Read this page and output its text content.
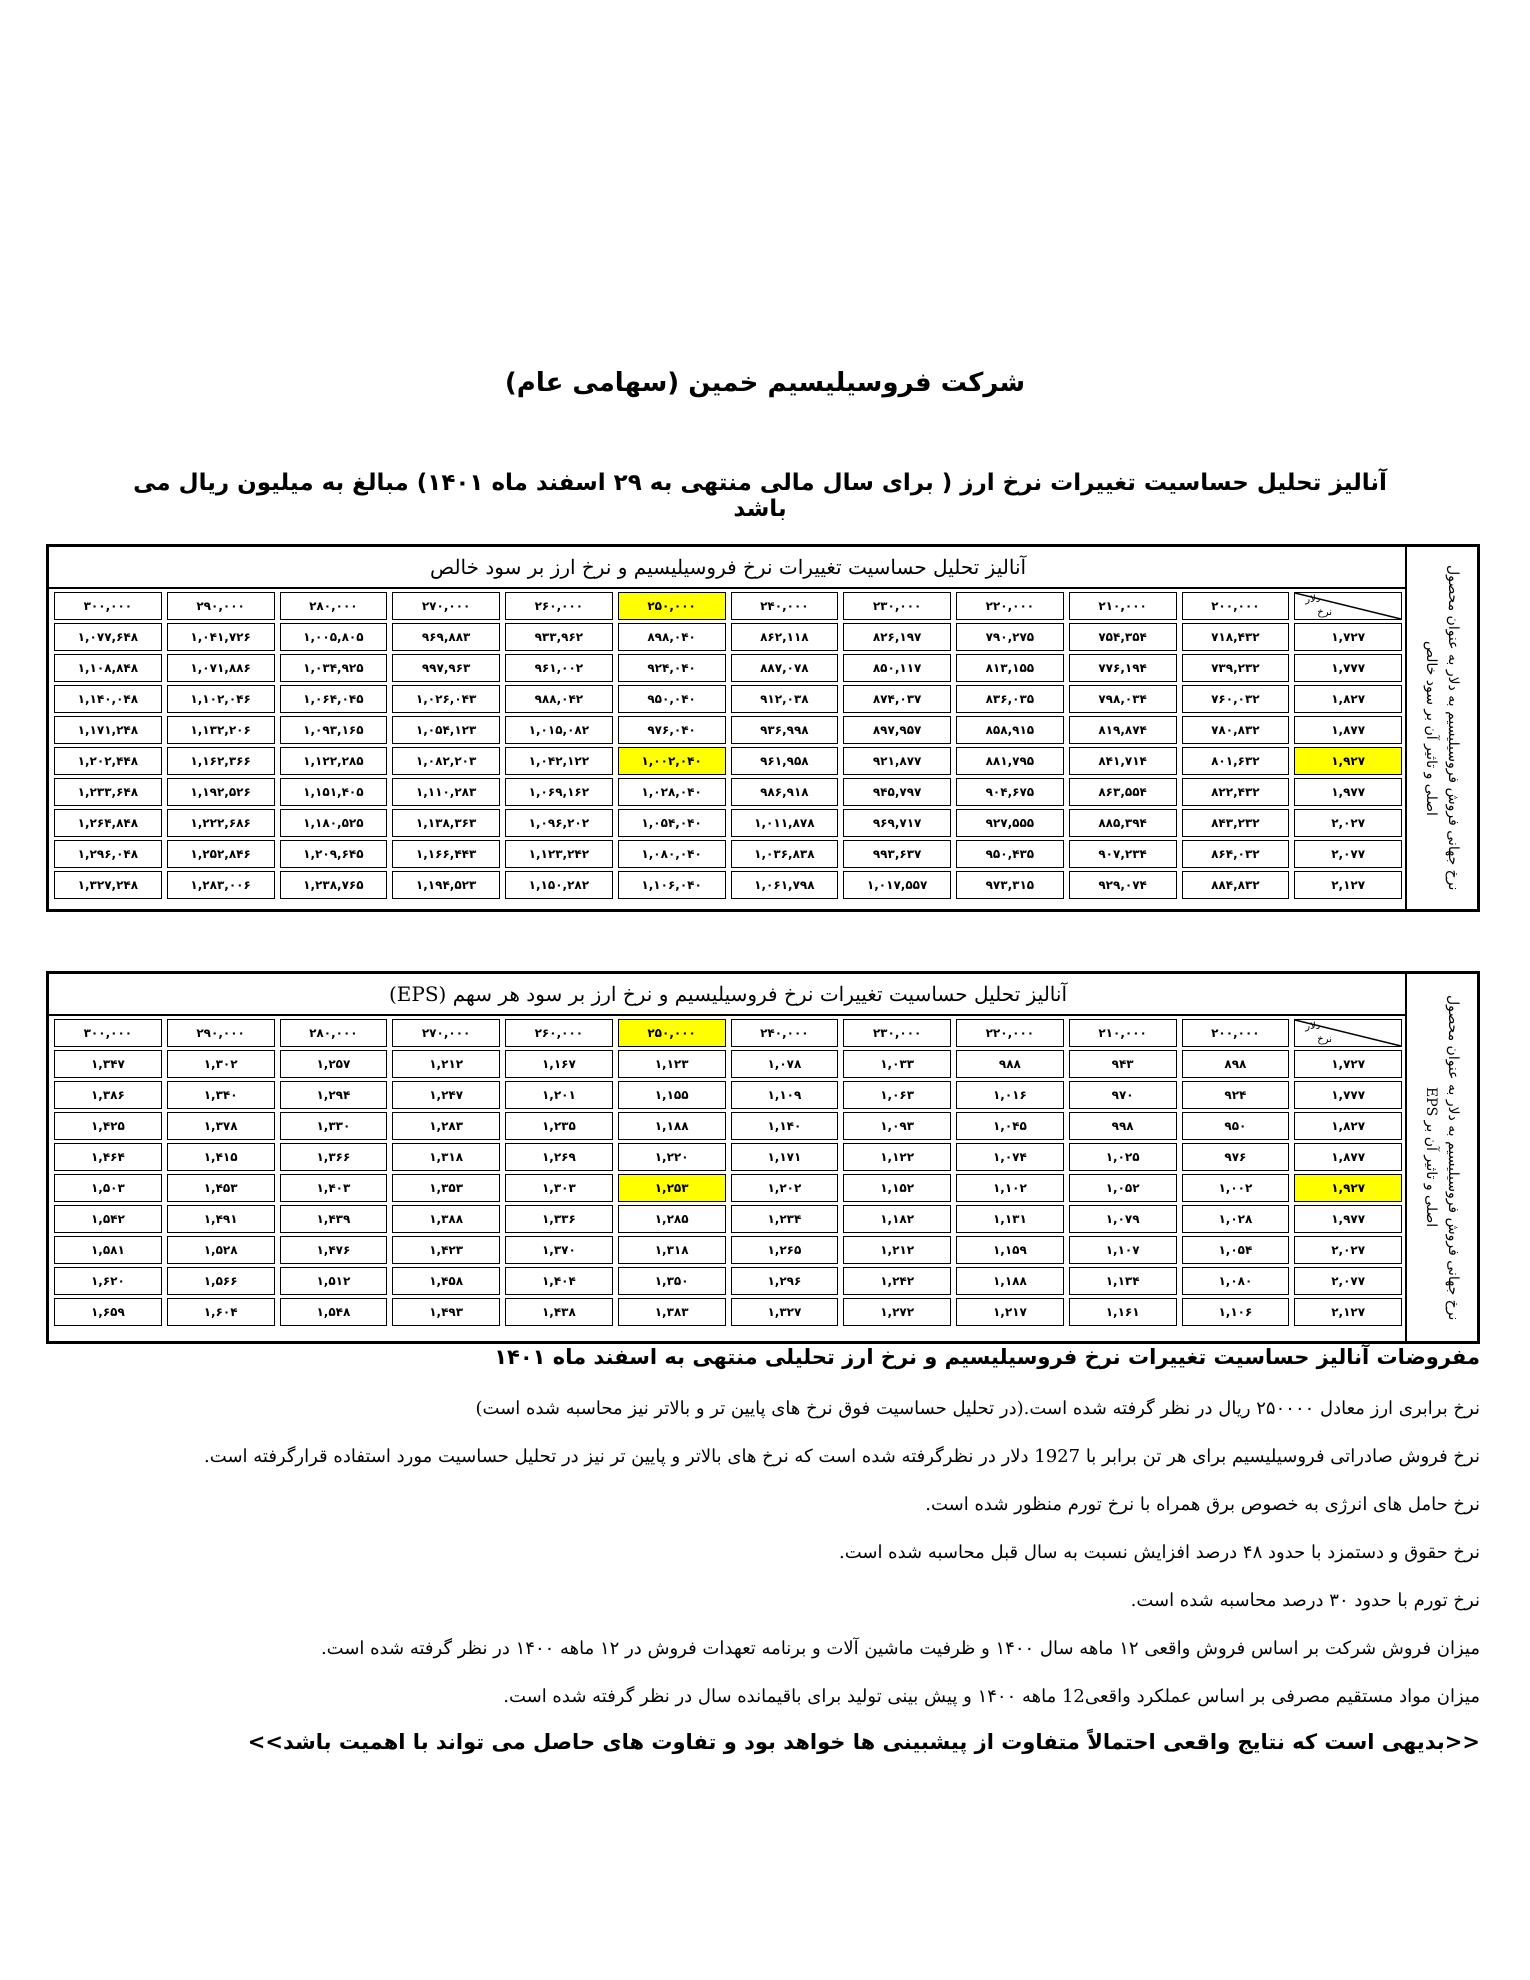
شرکت فروسیلیسیم خمین (سهامی عام)
آنالیز تحلیل حساسیت تغییرات نرخ ارز ( برای سال مالی منتهی به ۲۹ اسفند ماه ۱۴۰۱) مبالغ به میلیون ریال می باشد
نرخ جهانی فروش فروسیلیسیم به دلار به عنوان محصول اصلی و تاثیر آن بر سود خالص
آنالیز تحلیل حساسیت تغییرات نرخ فروسیلیسیم و نرخ ارز بر سود خالص
دلار
نرخ	۲۰۰,۰۰۰	۲۱۰,۰۰۰	۲۲۰,۰۰۰	۲۳۰,۰۰۰	۲۴۰,۰۰۰	۲۵۰,۰۰۰	۲۶۰,۰۰۰	۲۷۰,۰۰۰	۲۸۰,۰۰۰	۲۹۰,۰۰۰	۳۰۰,۰۰۰
۱,۷۲۷	۷۱۸,۴۳۲	۷۵۴,۳۵۴	۷۹۰,۲۷۵	۸۲۶,۱۹۷	۸۶۲,۱۱۸	۸۹۸,۰۴۰	۹۳۳,۹۶۲	۹۶۹,۸۸۳	۱,۰۰۵,۸۰۵	۱,۰۴۱,۷۲۶	۱,۰۷۷,۶۴۸
۱,۷۷۷	۷۳۹,۲۳۲	۷۷۶,۱۹۴	۸۱۳,۱۵۵	۸۵۰,۱۱۷	۸۸۷,۰۷۸	۹۲۴,۰۴۰	۹۶۱,۰۰۲	۹۹۷,۹۶۳	۱,۰۳۴,۹۲۵	۱,۰۷۱,۸۸۶	۱,۱۰۸,۸۴۸
۱,۸۲۷	۷۶۰,۰۳۲	۷۹۸,۰۳۴	۸۳۶,۰۳۵	۸۷۴,۰۳۷	۹۱۲,۰۳۸	۹۵۰,۰۴۰	۹۸۸,۰۴۲	۱,۰۲۶,۰۴۳	۱,۰۶۴,۰۴۵	۱,۱۰۲,۰۴۶	۱,۱۴۰,۰۴۸
۱,۸۷۷	۷۸۰,۸۳۲	۸۱۹,۸۷۴	۸۵۸,۹۱۵	۸۹۷,۹۵۷	۹۳۶,۹۹۸	۹۷۶,۰۴۰	۱,۰۱۵,۰۸۲	۱,۰۵۴,۱۲۳	۱,۰۹۳,۱۶۵	۱,۱۳۲,۲۰۶	۱,۱۷۱,۲۴۸
۱,۹۲۷	۸۰۱,۶۳۲	۸۴۱,۷۱۴	۸۸۱,۷۹۵	۹۲۱,۸۷۷	۹۶۱,۹۵۸	۱,۰۰۲,۰۴۰	۱,۰۴۲,۱۲۲	۱,۰۸۲,۲۰۳	۱,۱۲۲,۲۸۵	۱,۱۶۲,۳۶۶	۱,۲۰۲,۴۴۸
۱,۹۷۷	۸۲۲,۴۳۲	۸۶۳,۵۵۴	۹۰۴,۶۷۵	۹۴۵,۷۹۷	۹۸۶,۹۱۸	۱,۰۲۸,۰۴۰	۱,۰۶۹,۱۶۲	۱,۱۱۰,۲۸۳	۱,۱۵۱,۴۰۵	۱,۱۹۲,۵۲۶	۱,۲۳۳,۶۴۸
۲,۰۲۷	۸۴۳,۲۳۲	۸۸۵,۳۹۴	۹۲۷,۵۵۵	۹۶۹,۷۱۷	۱,۰۱۱,۸۷۸	۱,۰۵۴,۰۴۰	۱,۰۹۶,۲۰۲	۱,۱۳۸,۳۶۳	۱,۱۸۰,۵۲۵	۱,۲۲۲,۶۸۶	۱,۲۶۴,۸۴۸
۲,۰۷۷	۸۶۴,۰۳۲	۹۰۷,۲۳۴	۹۵۰,۴۳۵	۹۹۳,۶۳۷	۱,۰۳۶,۸۳۸	۱,۰۸۰,۰۴۰	۱,۱۲۳,۲۴۲	۱,۱۶۶,۴۴۳	۱,۲۰۹,۶۴۵	۱,۲۵۲,۸۴۶	۱,۲۹۶,۰۴۸
۲,۱۲۷	۸۸۴,۸۳۲	۹۲۹,۰۷۴	۹۷۳,۳۱۵	۱,۰۱۷,۵۵۷	۱,۰۶۱,۷۹۸	۱,۱۰۶,۰۴۰	۱,۱۵۰,۲۸۲	۱,۱۹۴,۵۲۳	۱,۲۳۸,۷۶۵	۱,۲۸۳,۰۰۶	۱,۳۲۷,۲۴۸
نرخ جهانی فروش فروسیلیسیم به دلار به عنوان محصول اصلی و تاثیر آن بر EPS
آنالیز تحلیل حساسیت تغییرات نرخ فروسیلیسیم و نرخ ارز بر سود هر سهم (EPS)
دلار
نرخ	۲۰۰,۰۰۰	۲۱۰,۰۰۰	۲۲۰,۰۰۰	۲۳۰,۰۰۰	۲۴۰,۰۰۰	۲۵۰,۰۰۰	۲۶۰,۰۰۰	۲۷۰,۰۰۰	۲۸۰,۰۰۰	۲۹۰,۰۰۰	۳۰۰,۰۰۰
۱,۷۲۷	۸۹۸	۹۴۳	۹۸۸	۱,۰۳۳	۱,۰۷۸	۱,۱۲۳	۱,۱۶۷	۱,۲۱۲	۱,۲۵۷	۱,۳۰۲	۱,۳۴۷
۱,۷۷۷	۹۲۴	۹۷۰	۱,۰۱۶	۱,۰۶۳	۱,۱۰۹	۱,۱۵۵	۱,۲۰۱	۱,۲۴۷	۱,۲۹۴	۱,۳۴۰	۱,۳۸۶
۱,۸۲۷	۹۵۰	۹۹۸	۱,۰۴۵	۱,۰۹۳	۱,۱۴۰	۱,۱۸۸	۱,۲۳۵	۱,۲۸۳	۱,۳۳۰	۱,۳۷۸	۱,۴۲۵
۱,۸۷۷	۹۷۶	۱,۰۲۵	۱,۰۷۴	۱,۱۲۲	۱,۱۷۱	۱,۲۲۰	۱,۲۶۹	۱,۳۱۸	۱,۳۶۶	۱,۴۱۵	۱,۴۶۴
۱,۹۲۷	۱,۰۰۲	۱,۰۵۲	۱,۱۰۲	۱,۱۵۲	۱,۲۰۲	۱,۲۵۳	۱,۳۰۳	۱,۳۵۳	۱,۴۰۳	۱,۴۵۳	۱,۵۰۳
۱,۹۷۷	۱,۰۲۸	۱,۰۷۹	۱,۱۳۱	۱,۱۸۲	۱,۲۳۴	۱,۲۸۵	۱,۳۳۶	۱,۳۸۸	۱,۴۳۹	۱,۴۹۱	۱,۵۴۲
۲,۰۲۷	۱,۰۵۴	۱,۱۰۷	۱,۱۵۹	۱,۲۱۲	۱,۲۶۵	۱,۳۱۸	۱,۳۷۰	۱,۴۲۳	۱,۴۷۶	۱,۵۲۸	۱,۵۸۱
۲,۰۷۷	۱,۰۸۰	۱,۱۳۴	۱,۱۸۸	۱,۲۴۲	۱,۲۹۶	۱,۳۵۰	۱,۴۰۴	۱,۴۵۸	۱,۵۱۲	۱,۵۶۶	۱,۶۲۰
۲,۱۲۷	۱,۱۰۶	۱,۱۶۱	۱,۲۱۷	۱,۲۷۲	۱,۳۲۷	۱,۳۸۳	۱,۴۳۸	۱,۴۹۳	۱,۵۴۸	۱,۶۰۴	۱,۶۵۹
مفروضات آنالیز حساسیت تغییرات نرخ فروسیلیسیم و نرخ ارز تحلیلی منتهی به اسفند ماه ۱۴۰۱
نرخ برابری ارز معادل ۲۵۰۰۰۰ ریال در نظر گرفته شده است.(در تحلیل حساسیت فوق نرخ های پایین تر و بالاتر نیز محاسبه شده است)
نرخ فروش صادراتی فروسیلیسیم برای هر تن برابر با 1927 دلار در نظرگرفته شده است که نرخ های بالاتر و پایین تر نیز در تحلیل حساسیت مورد استفاده قرارگرفته است.
نرخ حامل های انرژی به خصوص برق همراه با نرخ تورم منظور شده است.
نرخ حقوق و دستمزد با حدود ۴۸ درصد افزایش نسبت به سال قبل محاسبه شده است.
نرخ تورم با حدود ۳۰ درصد محاسبه شده است.
میزان فروش شرکت بر اساس فروش واقعی ۱۲ ماهه سال ۱۴۰۰ و ظرفیت ماشین آلات و برنامه تعهدات فروش در ۱۲ ماهه ۱۴۰۰ در نظر گرفته شده است.
میزان مواد مستقیم مصرفی بر اساس عملکرد واقعی12 ماهه ۱۴۰۰ و پیش بینی تولید برای باقیمانده سال در نظر گرفته شده است.
<<بدیهی است که نتایج واقعی احتمالاً متفاوت از پیشبینی ها خواهد بود و تفاوت های حاصل می تواند با اهمیت باشد>>
